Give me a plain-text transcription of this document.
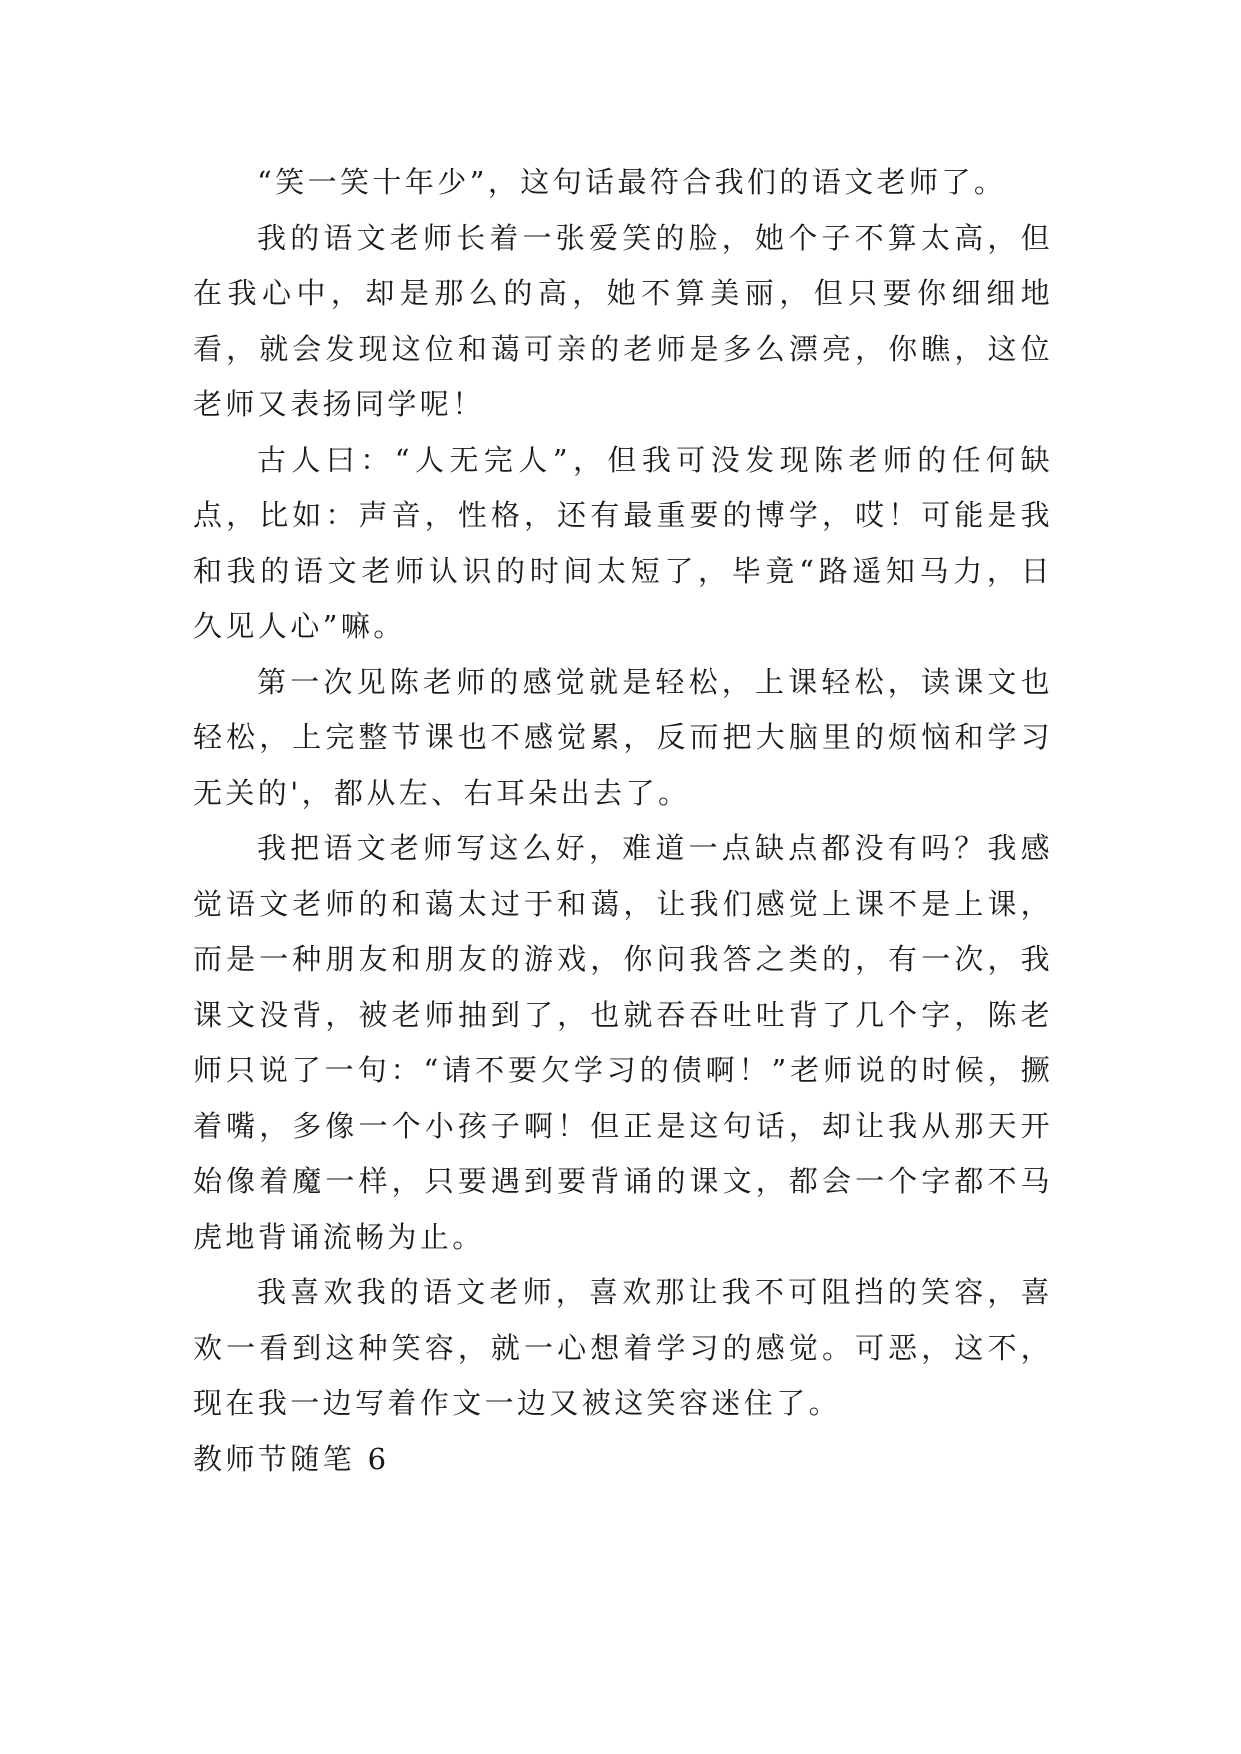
“笑一笑十年少”，这句话最符合我们的语文老师了。

我的语文老师长着一张爱笑的脸，她个子不算太高，但在我心中，却是那么的高，她不算美丽，但只要你细细地看，就会发现这位和蔼可亲的老师是多么漂亮，你瞧，这位老师又表扬同学呢！

古人曰：“人无完人”，但我可没发现陈老师的任何缺点，比如：声音，性格，还有最重要的博学，哎！可能是我和我的语文老师认识的时间太短了，毕竟“路遥知马力，日久见人心”嘛。

第一次见陈老师的感觉就是轻松，上课轻松，读课文也轻松，上完整节课也不感觉累，反而把大脑里的烦恼和学习无关的'，都从左、右耳朵出去了。

我把语文老师写这么好，难道一点缺点都没有吗？我感觉语文老师的和蔼太过于和蔼，让我们感觉上课不是上课，而是一种朋友和朋友的游戏，你问我答之类的，有一次，我课文没背，被老师抽到了，也就吞吞吐吐背了几个字，陈老师只说了一句：“请不要欠学习的债啊！”老师说的时候，撅着嘴，多像一个小孩子啊！但正是这句话，却让我从那天开始像着魔一样，只要遇到要背诵的课文，都会一个字都不马虎地背诵流畅为止。

我喜欢我的语文老师，喜欢那让我不可阻挡的笑容，喜欢一看到这种笑容，就一心想着学习的感觉。可恶，这不，现在我一边写着作文一边又被这笑容迷住了。

教师节随笔 6
